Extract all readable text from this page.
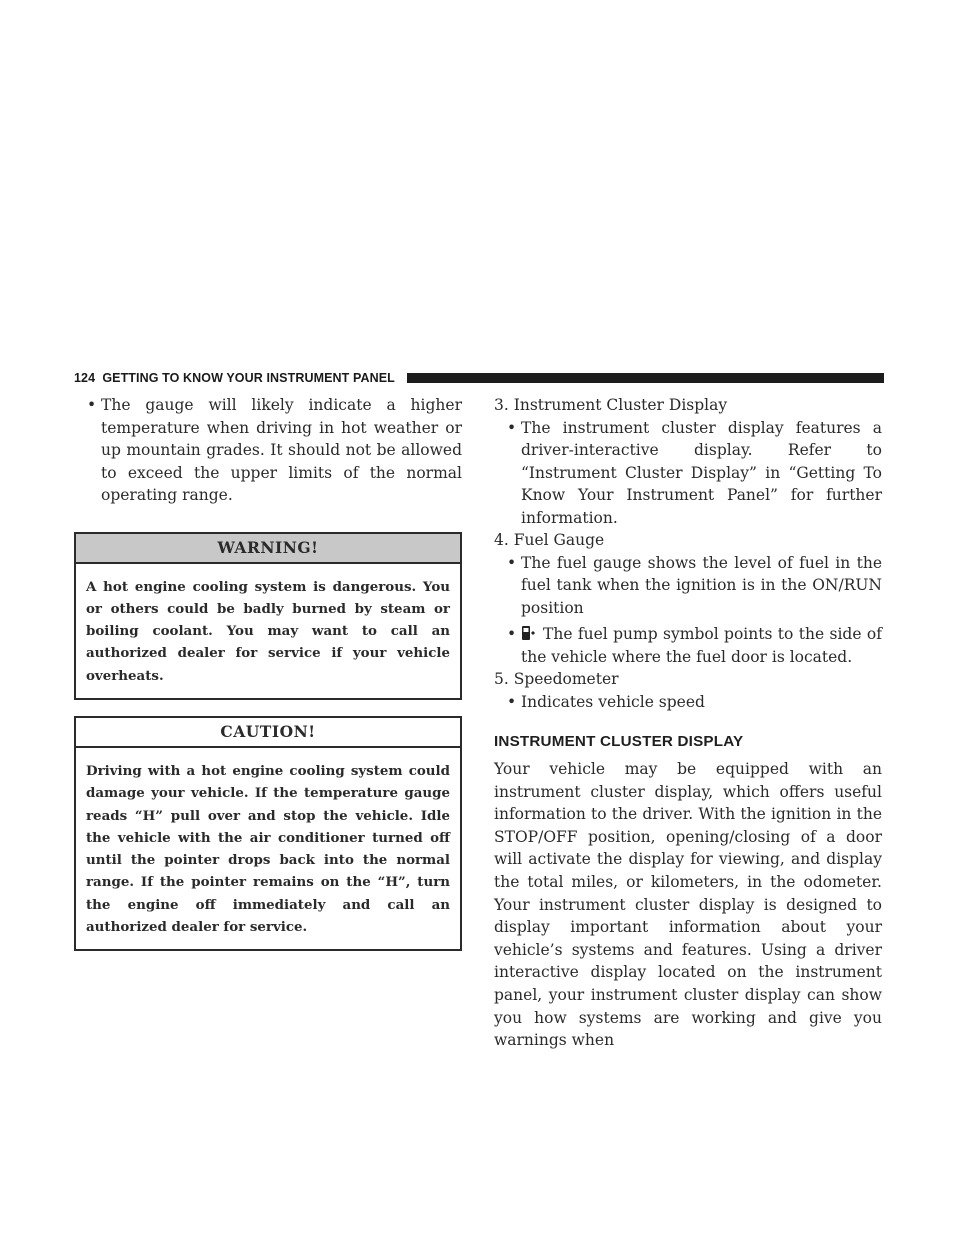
124 GETTING TO KNOW YOUR INSTRUMENT PANEL
• The gauge will likely indicate a higher temperature when driving in hot weather or up mountain grades. It should not be allowed to exceed the upper limits of the normal operating range.
WARNING!
A hot engine cooling system is dangerous. You or others could be badly burned by steam or boiling coolant. You may want to call an authorized dealer for service if your vehicle overheats.
CAUTION!
Driving with a hot engine cooling system could damage your vehicle. If the temperature gauge reads “H” pull over and stop the vehicle. Idle the vehicle with the air conditioner turned off until the pointer drops back into the normal range. If the pointer remains on the “H”, turn the engine off immediately and call an authorized dealer for service.
3. Instrument Cluster Display
• The instrument cluster display features a driver-interactive display. Refer to “Instrument Cluster Display” in “Getting To Know Your Instrument Panel” for further information.
4. Fuel Gauge
• The fuel gauge shows the level of fuel in the fuel tank when the ignition is in the ON/RUN position
• The fuel pump symbol points to the side of the vehicle where the fuel door is located.
5. Speedometer
• Indicates vehicle speed
INSTRUMENT CLUSTER DISPLAY
Your vehicle may be equipped with an instrument cluster display, which offers useful information to the driver. With the ignition in the STOP/OFF position, opening/closing of a door will activate the display for viewing, and display the total miles, or kilometers, in the odometer. Your instrument cluster display is designed to display important information about your vehicle’s systems and features. Using a driver interactive display located on the instrument panel, your instrument cluster display can show you how systems are working and give you warnings when
